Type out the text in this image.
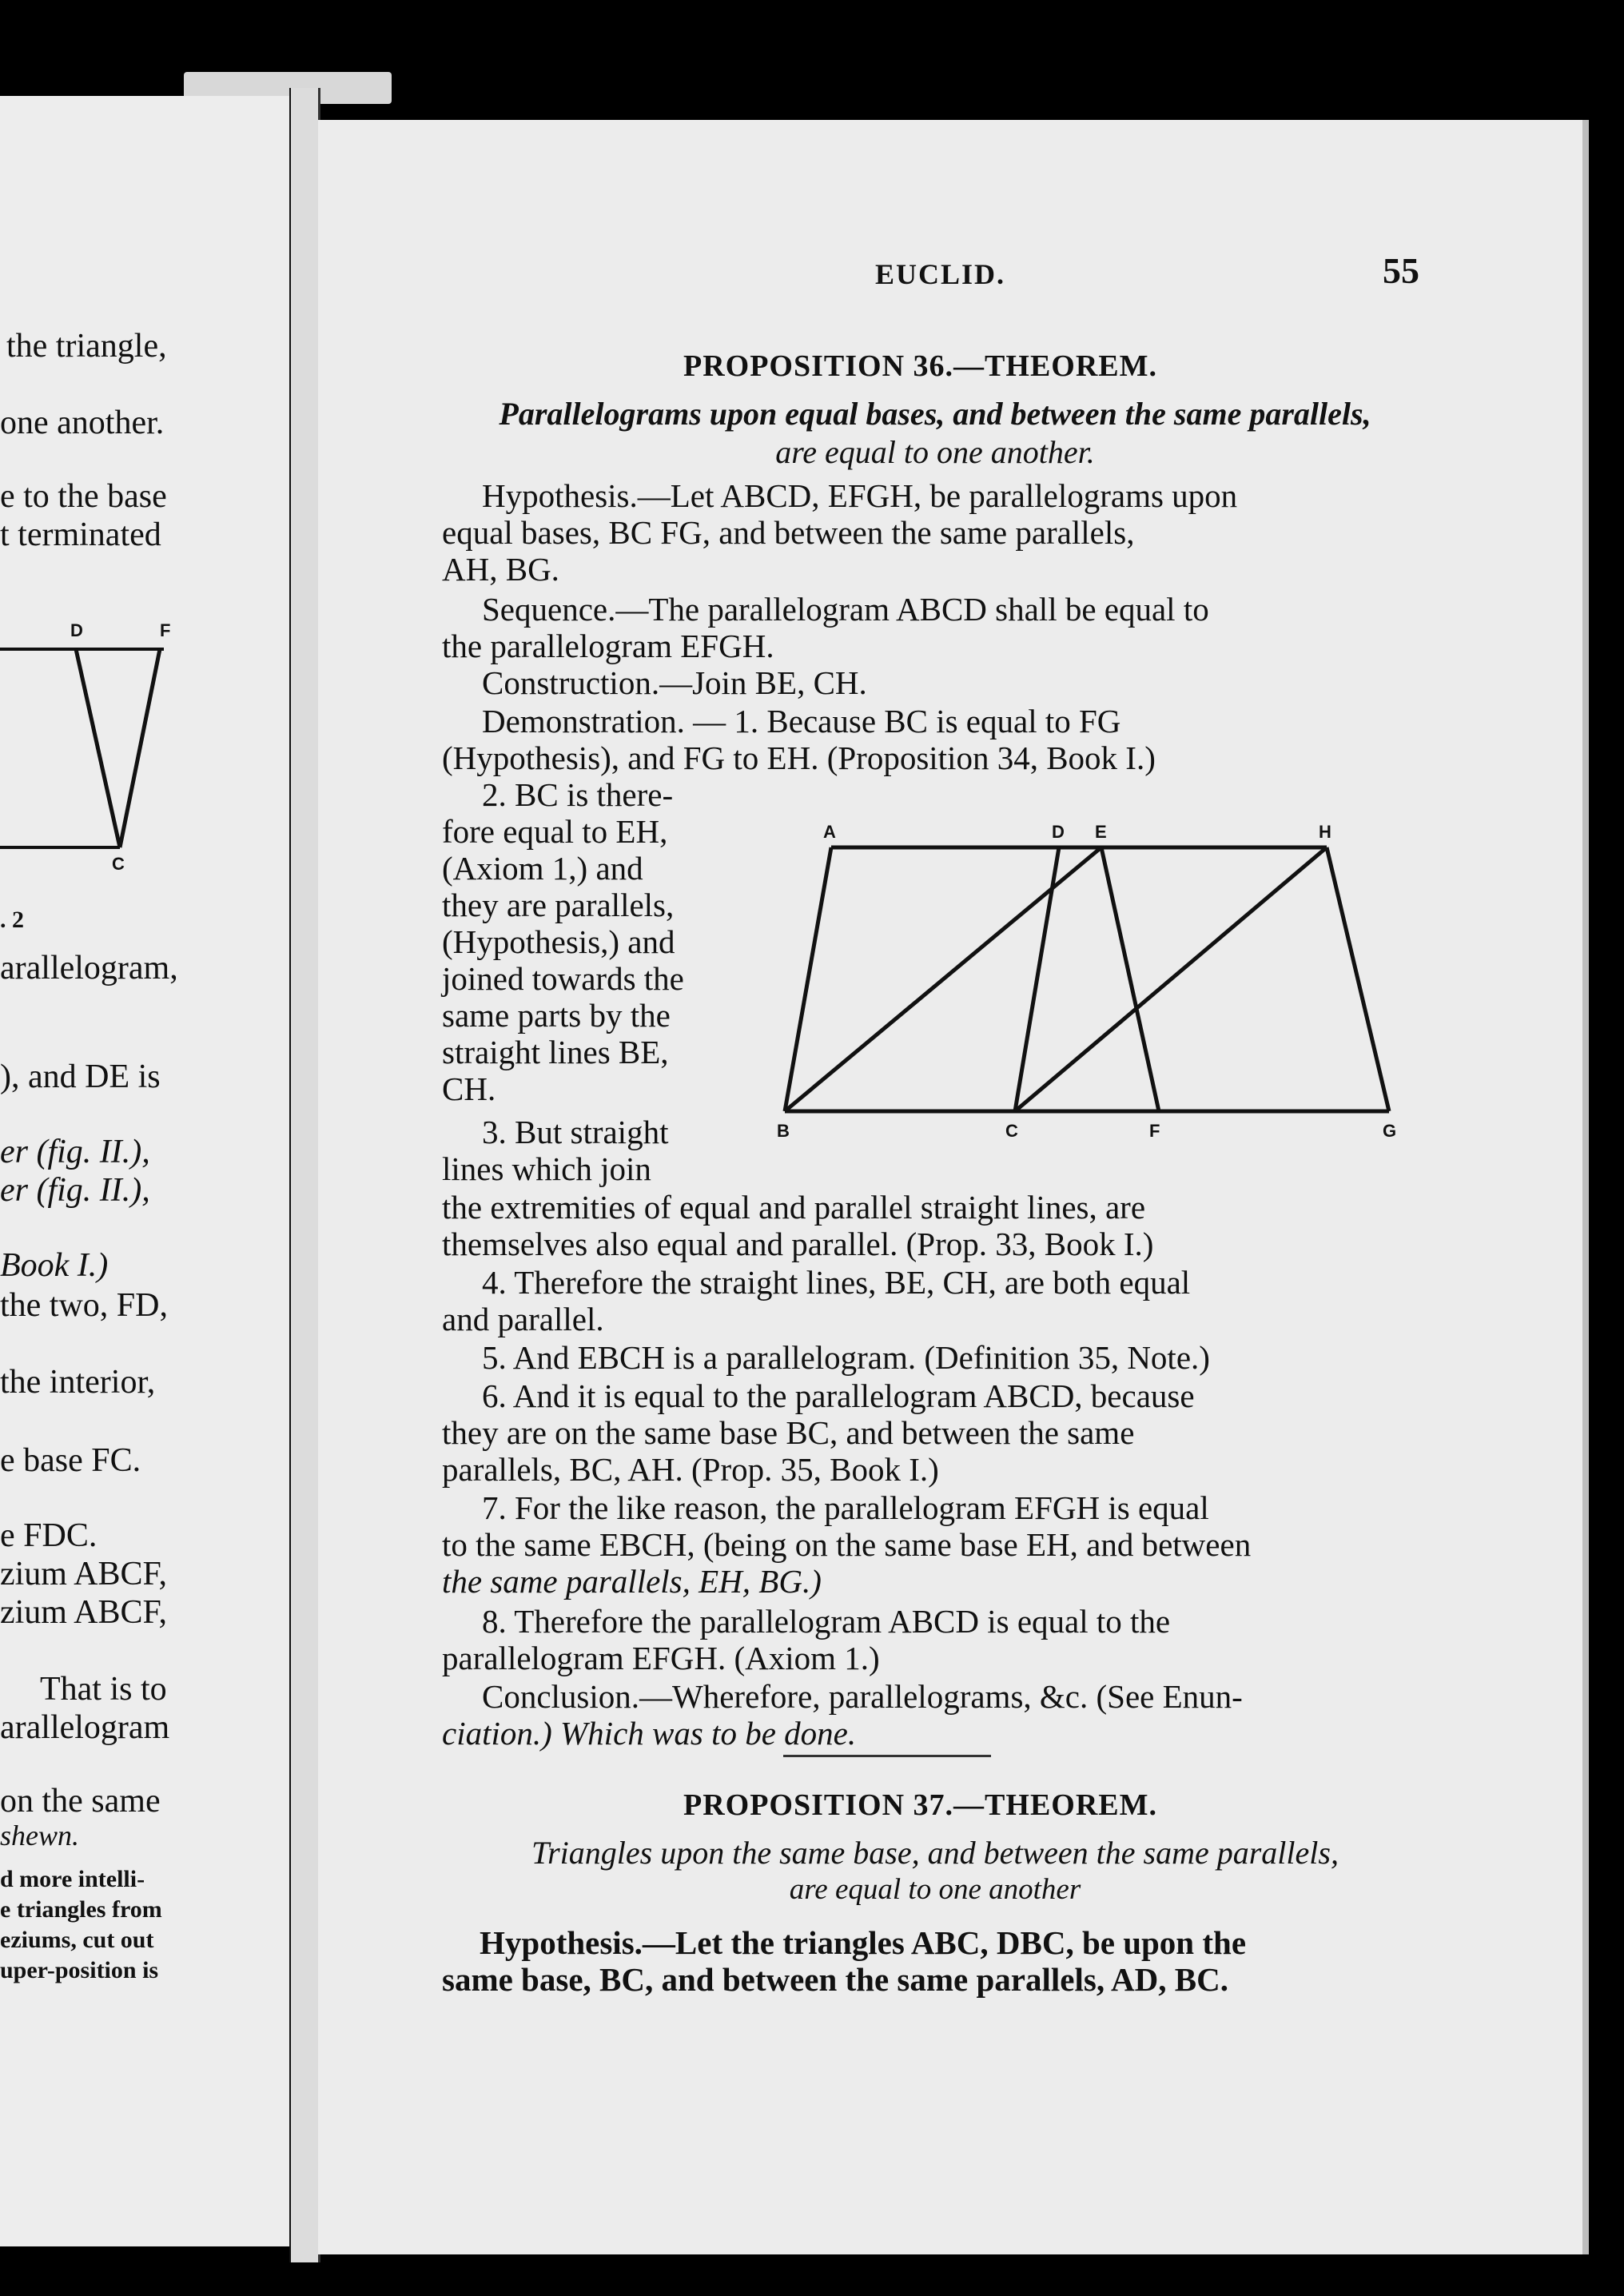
the triangle,
one another.
e to the base
t terminated
. 2
arallelogram,
), and DE is
er (fig. II.),
er (fig. II.),
Book I.)
the two, FD,
the interior,
e base FC.
e FDC.
zium ABCF,
zium ABCF,
That is to
arallelogram
on the same
shewn.
d more intelli-
e triangles from
eziums, cut out
uper-position is
D	F
C
EUCLID.	55
PROPOSITION 36.—THEOREM.
Parallelograms upon equal bases, and between the same parallels,
are equal to one another.
Hypothesis.—Let ABCD, EFGH, be parallelograms upon
equal bases, BC FG, and between the same parallels,
AH, BG.
Sequence.—The parallelogram ABCD shall be equal to
the parallelogram EFGH.
Construction.—Join BE, CH.
Demonstration. — 1. Because BC is equal to FG
(Hypothesis), and FG to EH. (Proposition 34, Book I.)
2. BC is there-
fore equal to EH,
(Axiom 1,) and
they are parallels,
(Hypothesis,) and
joined towards the
same parts by the
straight lines BE,
CH.
3. But straight
lines which join
A	D E	H
B	C	F	G
the extremities of equal and parallel straight lines, are
themselves also equal and parallel. (Prop. 33, Book I.)
4. Therefore the straight lines, BE, CH, are both equal
and parallel.
5. And EBCH is a parallelogram. (Definition 35, Note.)
6. And it is equal to the parallelogram ABCD, because
they are on the same base BC, and between the same
parallels, BC, AH. (Prop. 35, Book I.)
7. For the like reason, the parallelogram EFGH is equal
to the same EBCH, (being on the same base EH, and between
the same parallels, EH, BG.)
8. Therefore the parallelogram ABCD is equal to the
parallelogram EFGH. (Axiom 1.)
Conclusion.—Wherefore, parallelograms, &c. (See Enun-
ciation.) Which was to be done.
PROPOSITION 37.—THEOREM.
Triangles upon the same base, and between the same parallels,
are equal to one another
Hypothesis.—Let the triangles ABC, DBC, be upon the
same base, BC, and between the same parallels, AD, BC.
